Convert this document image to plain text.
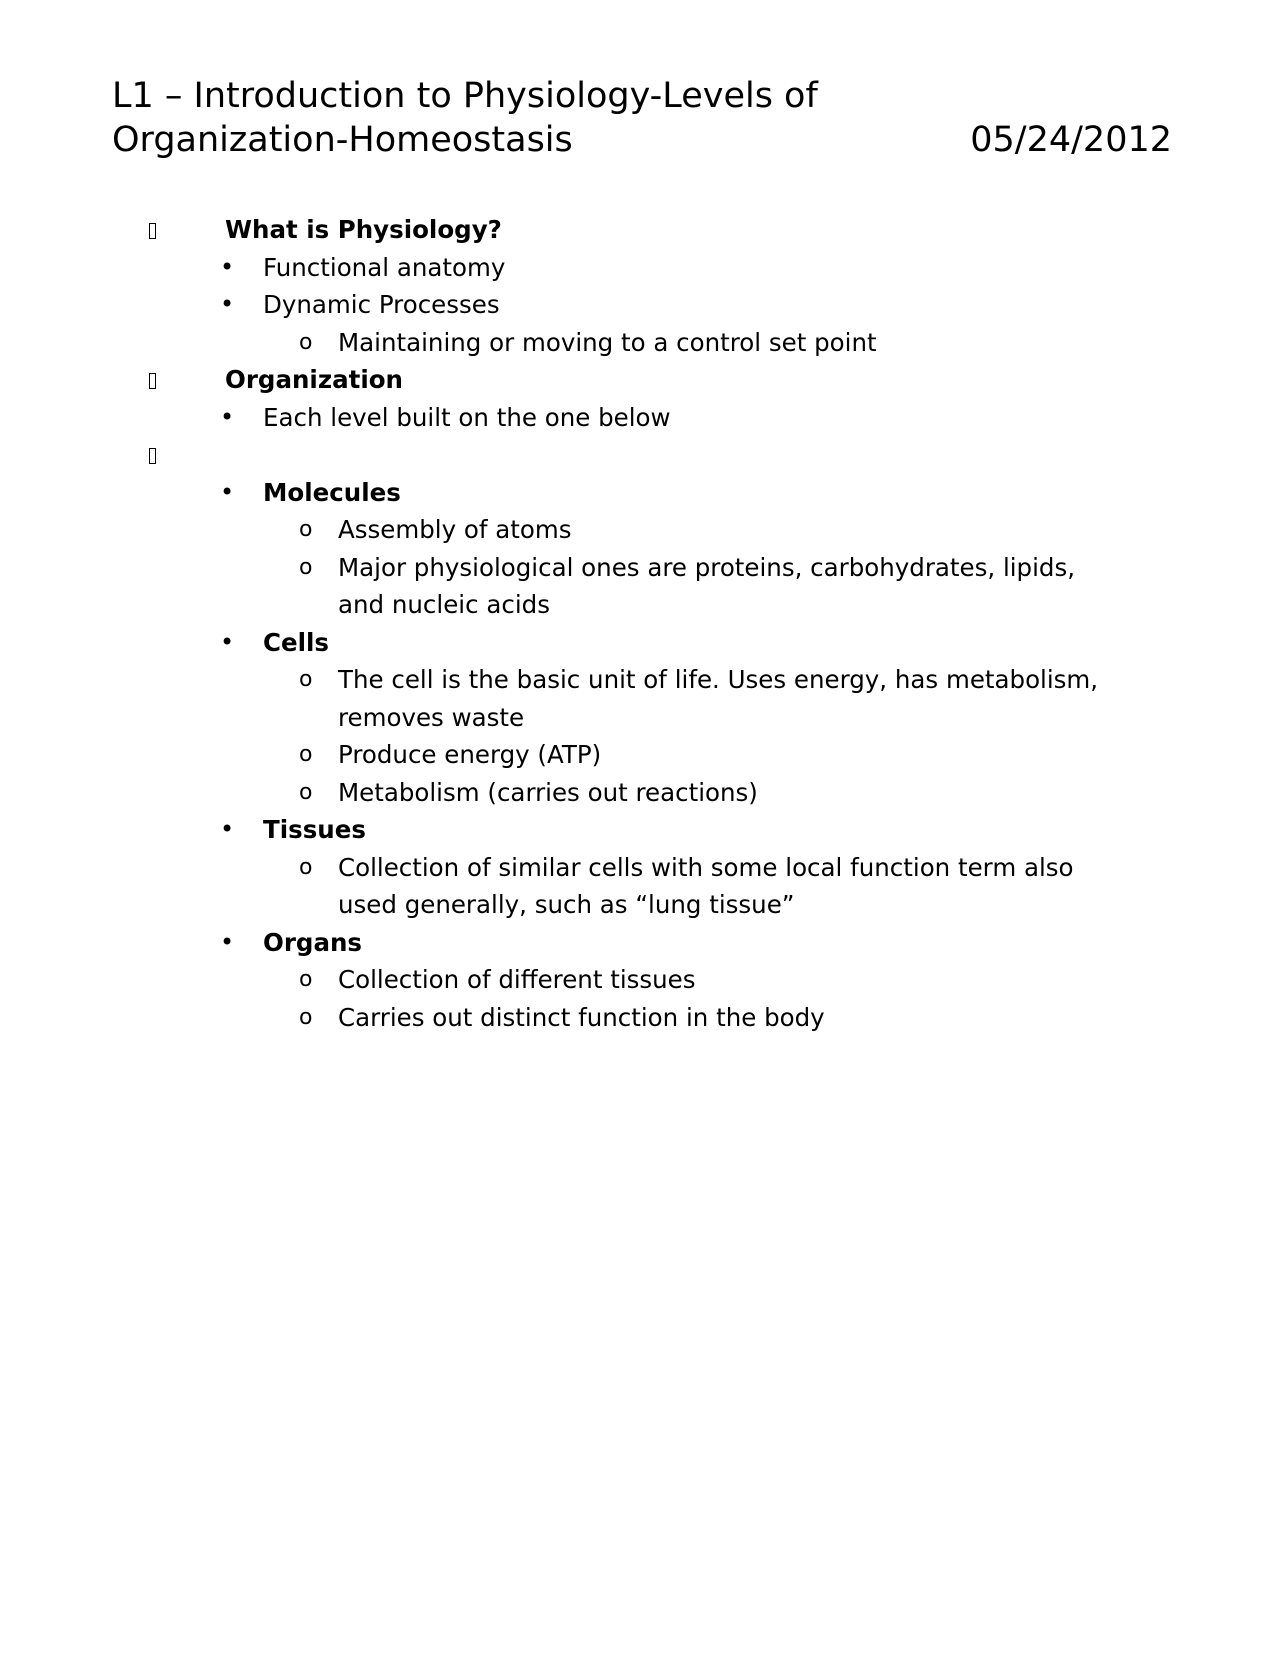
L1 – Introduction to Physiology-Levels of
Organization-Homeostasis	05/24/2012
What is Physiology?
•	Functional anatomy
•	Dynamic Processes
o	Maintaining or moving to a control set point
Organization
•	Each level built on the one below
•	Molecules
o	Assembly of atoms
o	Major physiological ones are proteins, carbohydrates, lipids, and nucleic acids
•	Cells
o	The cell is the basic unit of life. Uses energy, has metabolism, removes waste
o	Produce energy (ATP)
o	Metabolism (carries out reactions)
•	Tissues
o	Collection of similar cells with some local function term also used generally, such as “lung tissue”
•	Organs
o	Collection of different tissues
o	Carries out distinct function in the body
